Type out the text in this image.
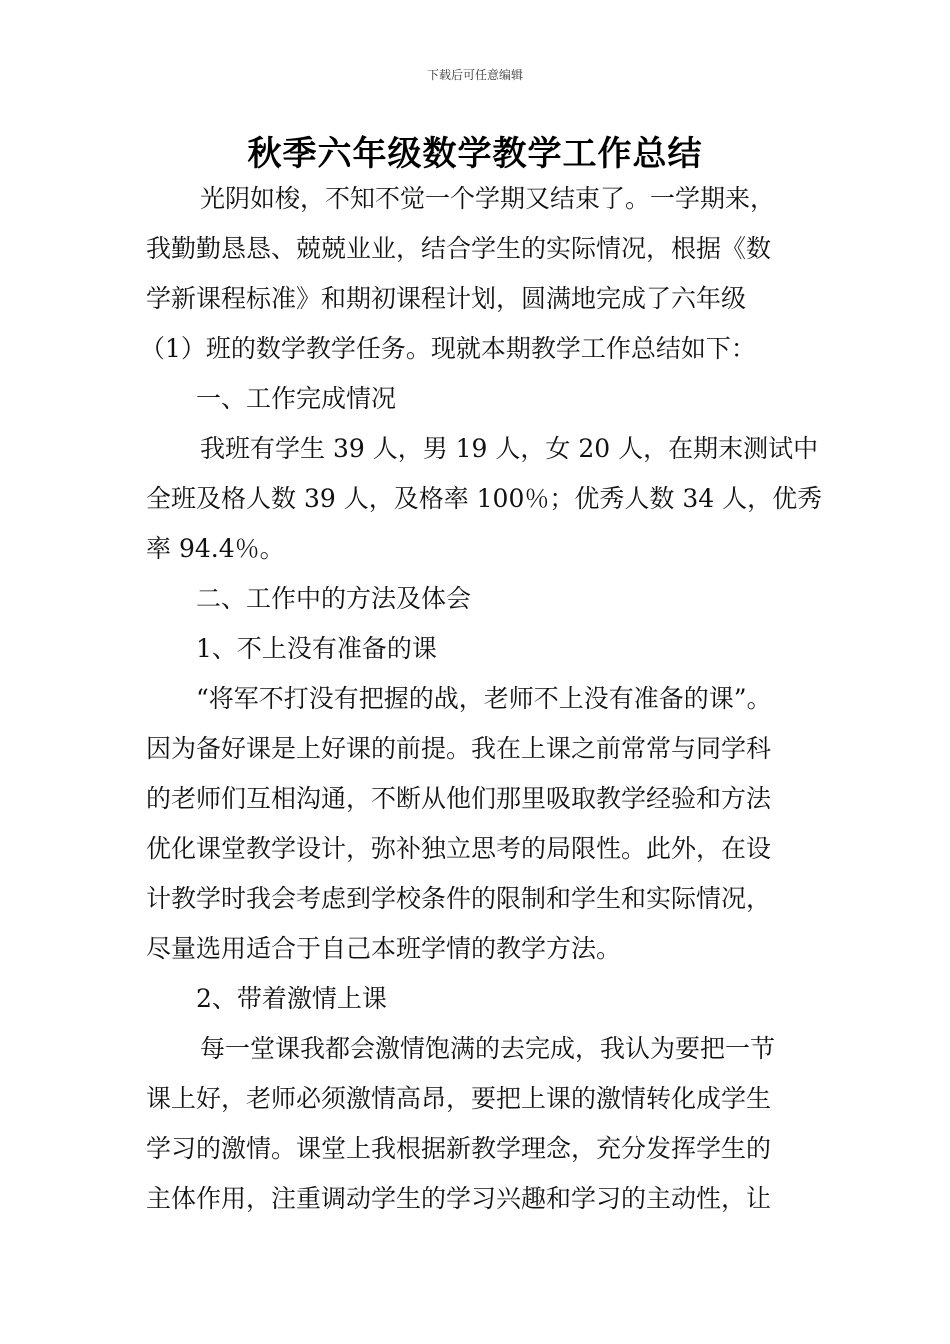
下载后可任意编辑
秋季六年级数学教学工作总结
光阴如梭，不知不觉一个学期又结束了。一学期来，
我勤勤恳恳、兢兢业业，结合学生的实际情况，根据《数
学新课程标准》和期初课程计划，圆满地完成了六年级
（1）班的数学教学任务。现就本期教学工作总结如下：
一、工作完成情况
我班有学生 39 人，男 19 人，女 20 人，在期末测试中
全班及格人数 39 人，及格率 100％；优秀人数 34 人，优秀
率 94.4％。
二、工作中的方法及体会
1、不上没有准备的课
“将军不打没有把握的战，老师不上没有准备的课”。
因为备好课是上好课的前提。我在上课之前常常与同学科
的老师们互相沟通，不断从他们那里吸取教学经验和方法
优化课堂教学设计，弥补独立思考的局限性。此外，在设
计教学时我会考虑到学校条件的限制和学生和实际情况，
尽量选用适合于自己本班学情的教学方法。
2、带着激情上课
每一堂课我都会激情饱满的去完成，我认为要把一节
课上好，老师必须激情高昂，要把上课的激情转化成学生
学习的激情。课堂上我根据新教学理念，充分发挥学生的
主体作用，注重调动学生的学习兴趣和学习的主动性，让
